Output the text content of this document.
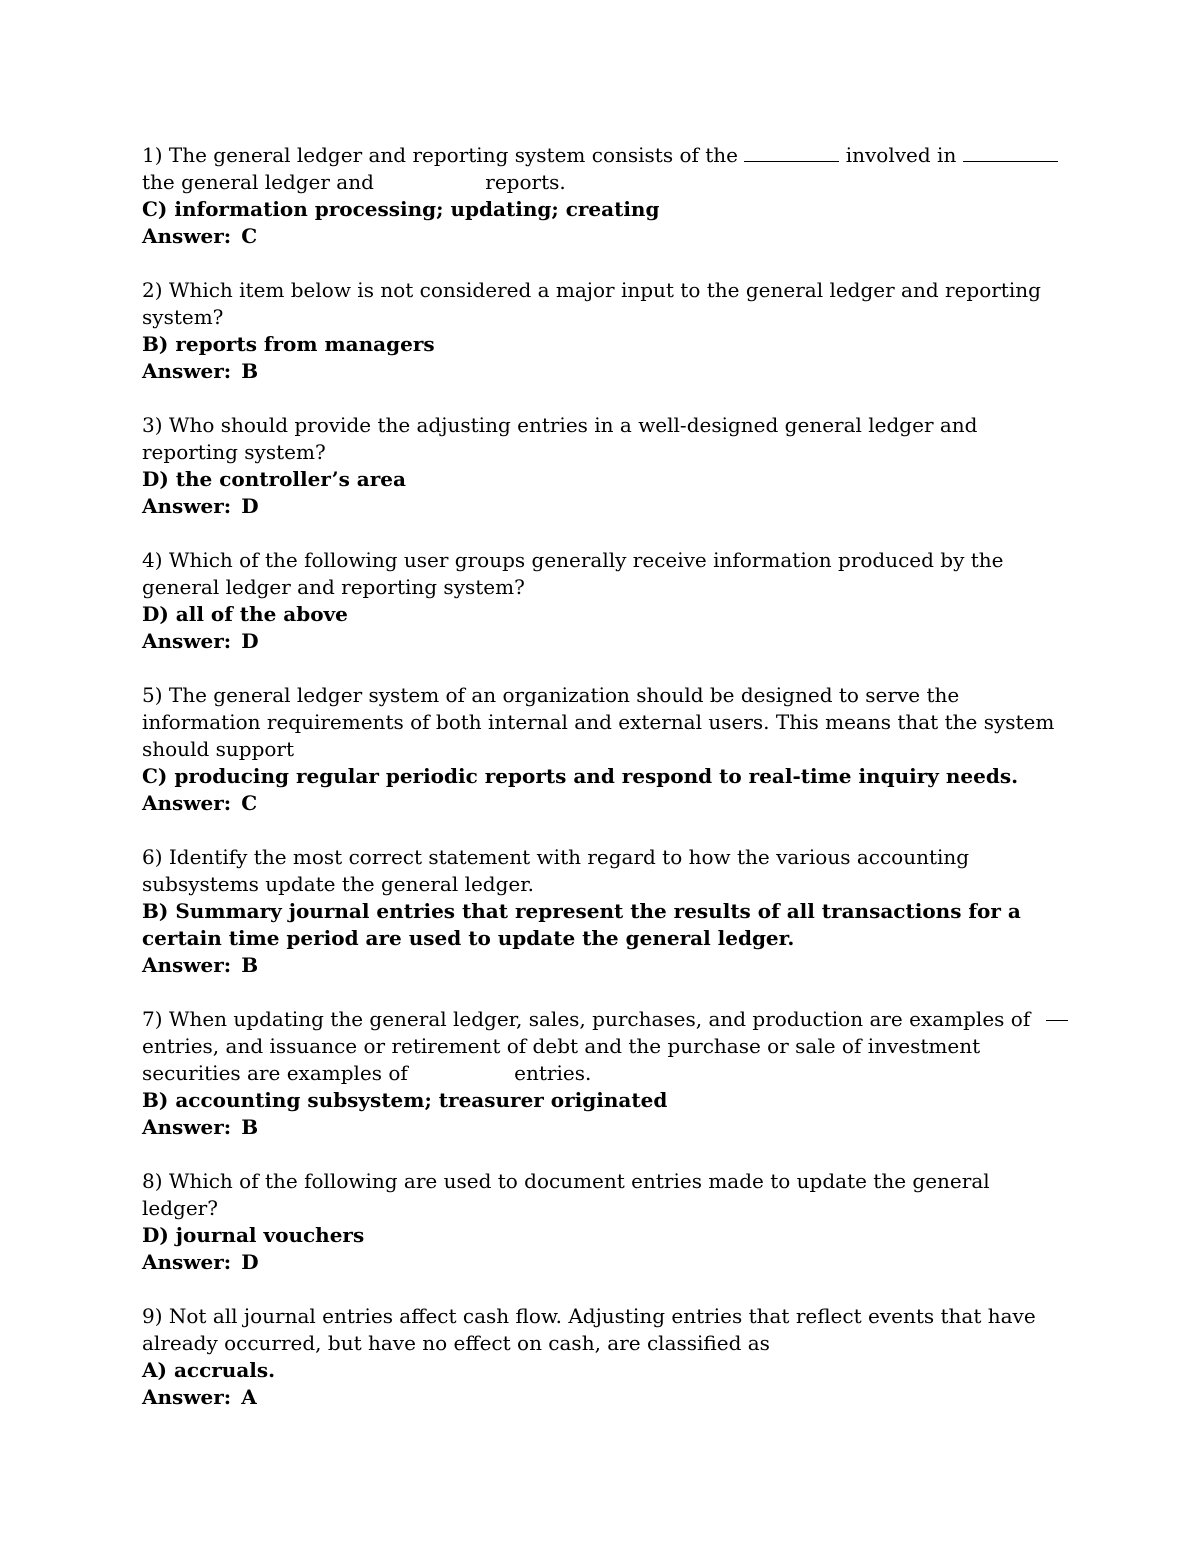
1) The general ledger and reporting system consists of the	involved in  the general ledger and	reports.

C) information processing; updating; creating

Answer: C

2) Which item below is not considered a major input to the general ledger and reporting system?

B) reports from managers

Answer: B

3) Who should provide the adjusting entries in a well-designed general ledger and reporting system?

D) the controller’s area

Answer: D

4) Which of the following user groups generally receive information produced by the general ledger and reporting system?

D) all of the above

Answer: D

5) The general ledger system of an organization should be designed to serve the information requirements of both internal and external users. This means that the system should support

C) producing regular periodic reports and respond to real-time inquiry needs.

Answer: C

6) Identify the most correct statement with regard to how the various accounting subsystems update the general ledger.

B) Summary journal entries that represent the results of all transactions for a certain time period are used to update the general ledger.

Answer: B

7) When updating the general ledger, sales, purchases, and production are examples of
entries, and issuance or retirement of debt and the purchase or sale of investment securities are examples of	entries.

B) accounting subsystem; treasurer originated

Answer: B

8) Which of the following are used to document entries made to update the general ledger?

D) journal vouchers

Answer: D

9) Not all journal entries affect cash flow. Adjusting entries that reflect events that have already occurred, but have no effect on cash, are classified as

A) accruals.

Answer: A
